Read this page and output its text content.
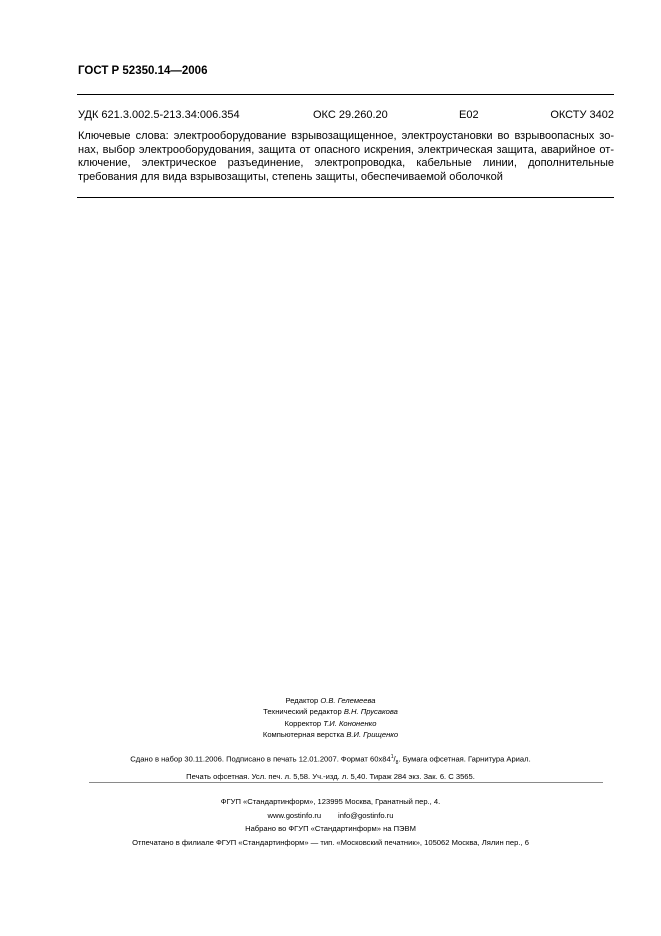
ГОСТ Р 52350.14—2006
УДК 621.3.002.5-213.34:006.354	ОКС 29.260.20	Е02	ОКСТУ 3402
Ключевые слова: электрооборудование взрывозащищенное, электроустановки во взрывоопасных зо-
нах, выбор электрооборудования, защита от опасного искрения, электрическая защита, аварийное от-
ключение, электрическое разъединение, электропроводка, кабельные линии, дополнительные
требования для вида взрывозащиты, степень защиты, обеспечиваемой оболочкой
Редактор О.В. Гелемеева
Технический редактор В.Н. Прусакова
Корректор Т.И. Кононенко
Компьютерная верстка В.И. Грищенко
Сдано в набор 30.11.2006. Подписано в печать 12.01.2007. Формат $60x84^1/_8$. Бумага офсетная. Гарнитура Ариал.
Печать офсетная. Усл. печ. л. 5,58. Уч.-изд. л. 5,40. Тираж 284 экз. Зак. 6. С 3565.
ФГУП «Стандартинформ», 123995 Москва, Гранатный пер., 4.
www.gostinfo.ru        info@gostinfo.ru
Набрано во ФГУП «Стандартинформ» на ПЭВМ
Отпечатано в филиале ФГУП «Стандартинформ» — тип. «Московский печатник», 105062 Москва, Лялин пер., 6
